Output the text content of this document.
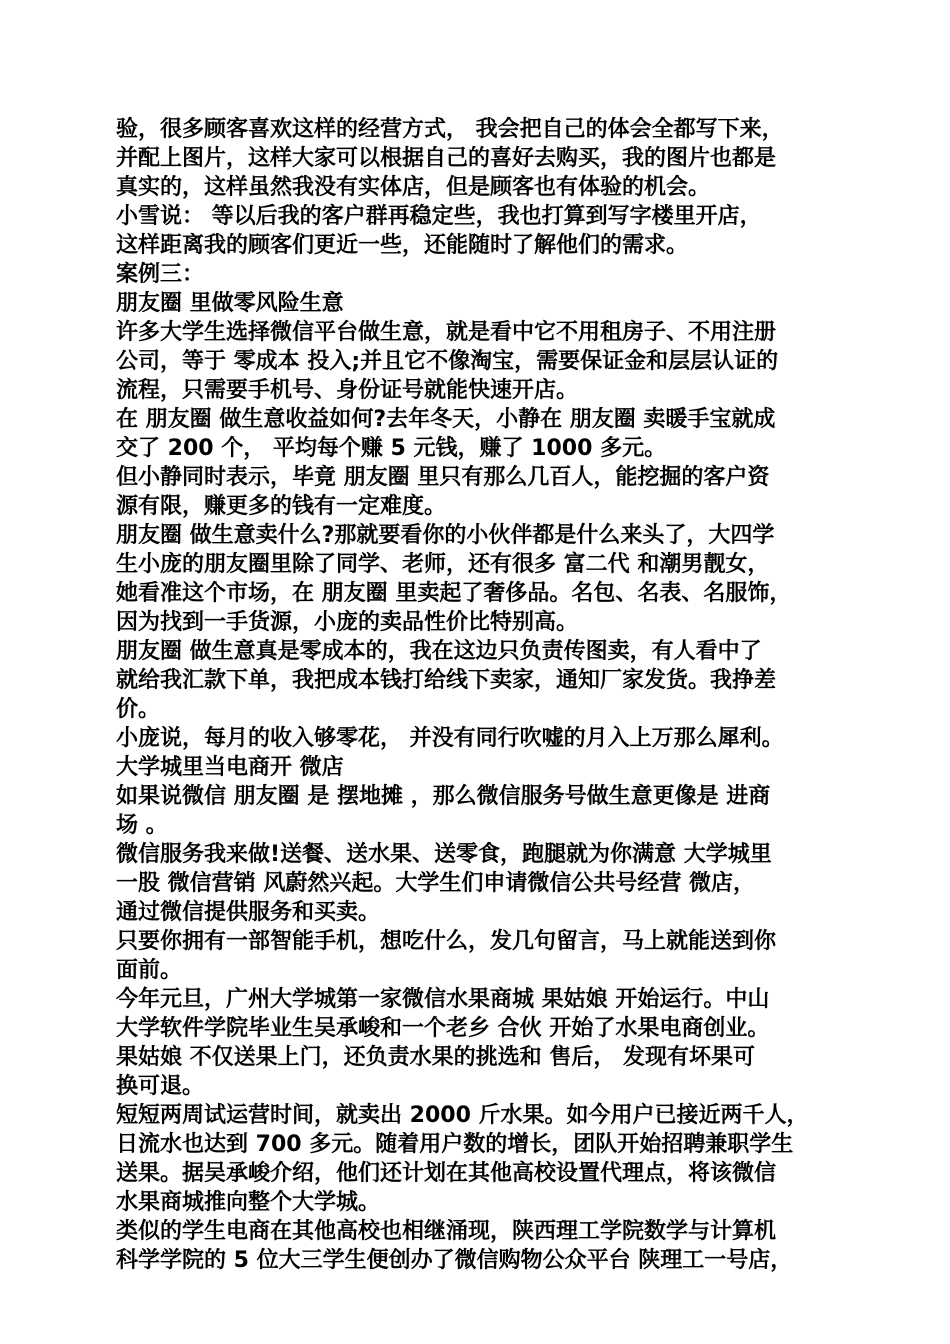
验，很多顾客喜欢这样的经营方式， 我会把自己的体会全都写下来，
并配上图片，这样大家可以根据自己的喜好去购买，我的图片也都是
真实的，这样虽然我没有实体店，但是顾客也有体验的机会。
小雪说： 等以后我的客户群再稳定些，我也打算到写字楼里开店，
这样距离我的顾客们更近一些，还能随时了解他们的需求。
案例三：
朋友圈 里做零风险生意
许多大学生选择微信平台做生意，就是看中它不用租房子、不用注册
公司，等于 零成本 投入;并且它不像淘宝，需要保证金和层层认证的
流程，只需要手机号、身份证号就能快速开店。
在 朋友圈 做生意收益如何?去年冬天，小静在 朋友圈 卖暖手宝就成
交了 200 个， 平均每个赚 5 元钱，赚了 1000 多元。
但小静同时表示，毕竟 朋友圈 里只有那么几百人，能挖掘的客户资
源有限，赚更多的钱有一定难度。
朋友圈 做生意卖什么?那就要看你的小伙伴都是什么来头了，大四学
生小庞的朋友圈里除了同学、老师，还有很多 富二代 和潮男靓女，
她看准这个市场，在 朋友圈 里卖起了奢侈品。名包、名表、名服饰，
因为找到一手货源，小庞的卖品性价比特别高。
朋友圈 做生意真是零成本的，我在这边只负责传图卖，有人看中了
就给我汇款下单，我把成本钱打给线下卖家，通知厂家发货。我挣差
价。
小庞说，每月的收入够零花， 并没有同行吹嘘的月入上万那么犀利。
大学城里当电商开 微店
如果说微信 朋友圈 是 摆地摊 ，那么微信服务号做生意更像是 进商
场 。
微信服务我来做!送餐、送水果、送零食，跑腿就为你满意 大学城里
一股 微信营销 风蔚然兴起。大学生们申请微信公共号经营 微店，
通过微信提供服务和买卖。
只要你拥有一部智能手机，想吃什么，发几句留言，马上就能送到你
面前。
今年元旦，广州大学城第一家微信水果商城 果姑娘 开始运行。中山
大学软件学院毕业生吴承峻和一个老乡 合伙 开始了水果电商创业。
果姑娘 不仅送果上门，还负责水果的挑选和 售后， 发现有坏果可
换可退。
短短两周试运营时间，就卖出 2000 斤水果。如今用户已接近两千人，
日流水也达到 700 多元。随着用户数的增长，团队开始招聘兼职学生
送果。据吴承峻介绍，他们还计划在其他高校设置代理点，将该微信
水果商城推向整个大学城。
类似的学生电商在其他高校也相继涌现，陕西理工学院数学与计算机
科学学院的 5 位大三学生便创办了微信购物公众平台 陕理工一号店，
